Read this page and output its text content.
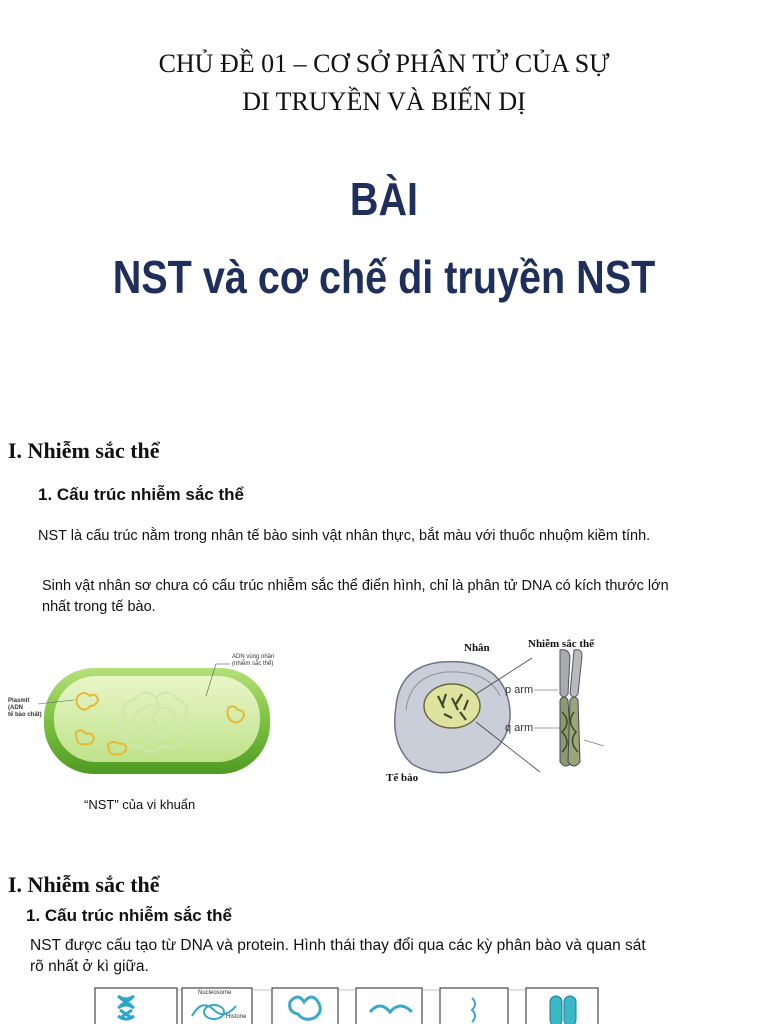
CHỦ ĐỀ 01 – CƠ SỞ PHÂN TỬ CỦA SỰ
DI TRUYỀN VÀ BIẾN DỊ
BÀI
NST và cơ chế di truyền NST
I. Nhiễm sắc thể
1. Cấu trúc nhiễm sắc thể
NST là cấu trúc nằm trong nhân tế bào sinh vật nhân thực, bắt màu với thuốc nhuộm kiềm tính.
Sinh vật nhân sơ chưa có cấu trúc nhiễm sắc thể điển hình, chỉ là phân tử DNA có kích thước lớn
nhất trong tế bào.
ADN vùng nhân
(nhiễm sắc thể)
Plasmit
(ADN
tế bào chất)
“NST” của vi khuẩn
Nhân	Nhiễm sắc thể
p arm
q arm
Tế bào
I. Nhiễm sắc thể
1. Cấu trúc nhiễm sắc thể
NST được cấu tạo từ DNA và protein. Hình thái thay đổi qua các kỳ phân bào và quan sát
rõ nhất ở kì giữa.
Nucleosome
Histone
